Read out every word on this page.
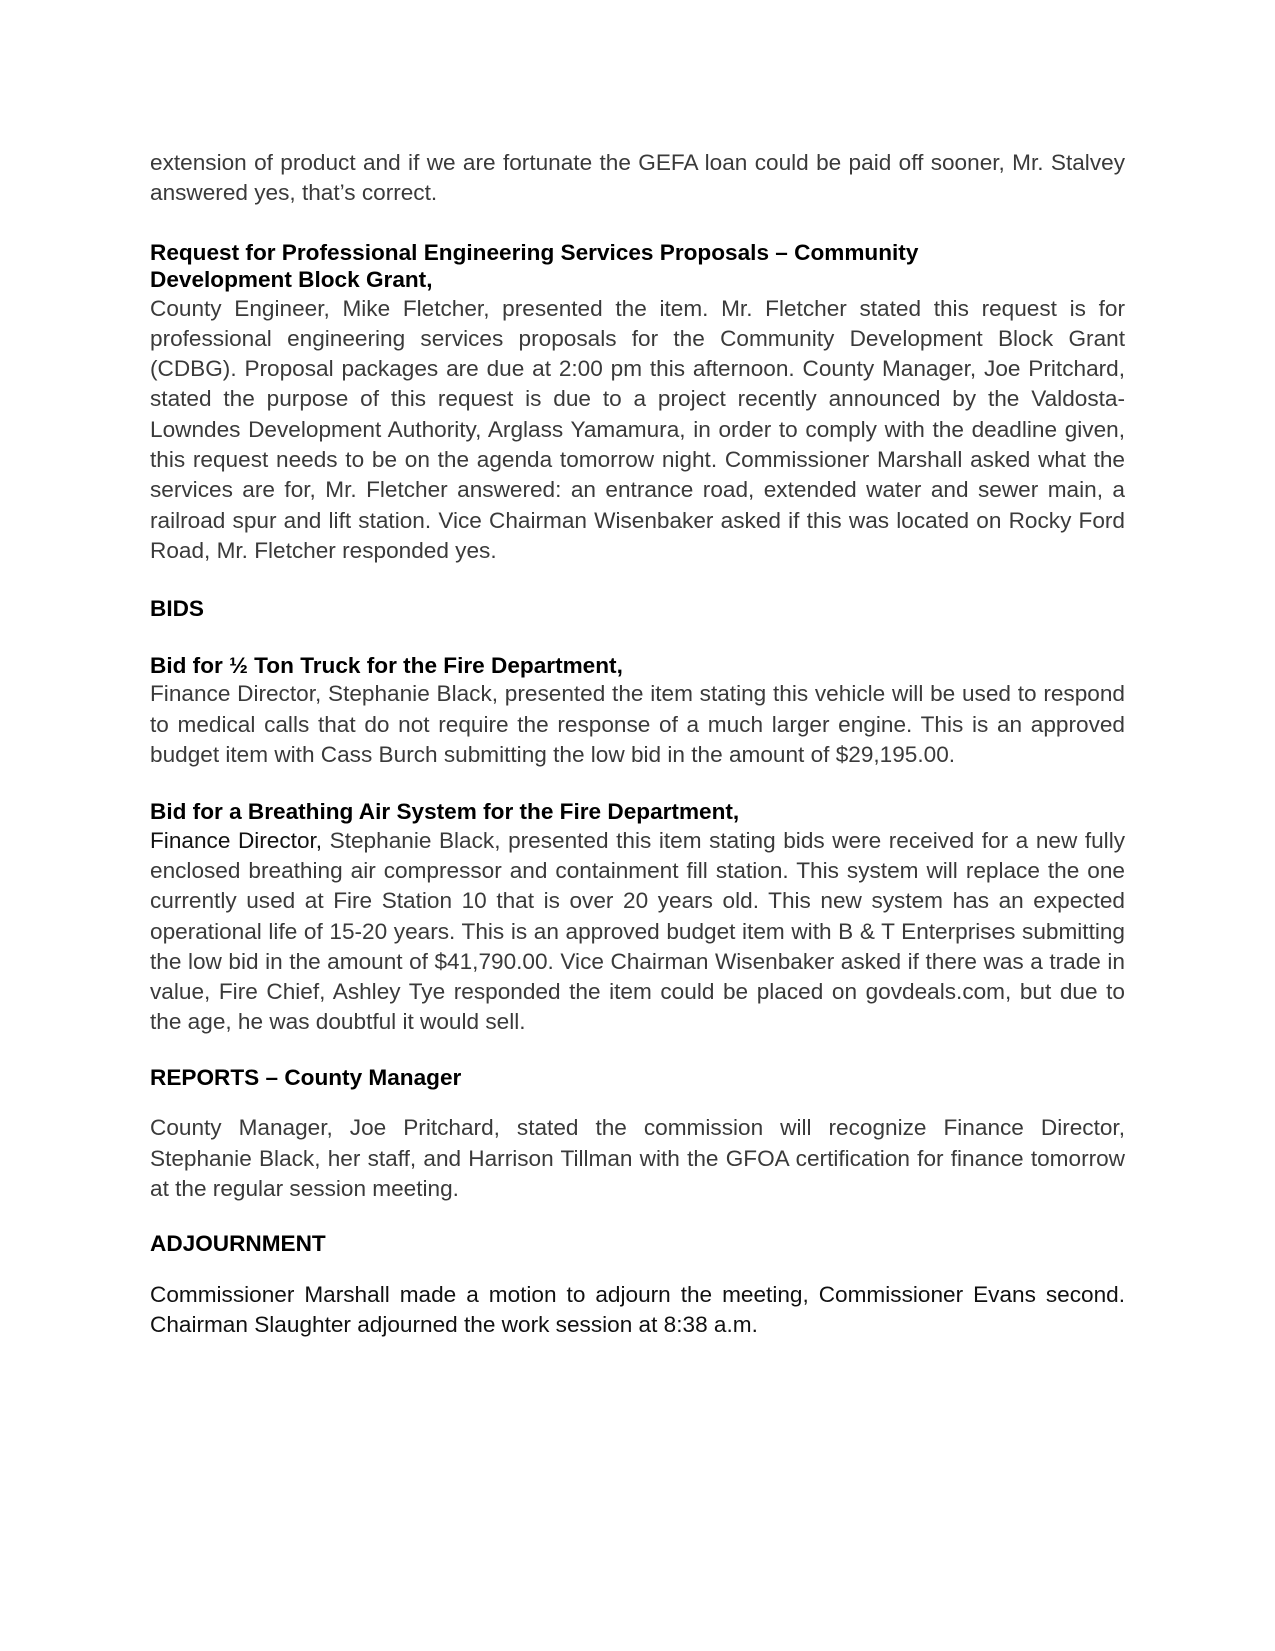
extension of product and if we are fortunate the GEFA loan could be paid off sooner, Mr. Stalvey answered yes, that’s correct.

Request for Professional Engineering Services Proposals – Community Development Block Grant,

County Engineer, Mike Fletcher, presented the item. Mr. Fletcher stated this request is for professional engineering services proposals for the Community Development Block Grant (CDBG). Proposal packages are due at 2:00 pm this afternoon. County Manager, Joe Pritchard, stated the purpose of this request is due to a project recently announced by the Valdosta-Lowndes Development Authority, Arglass Yamamura, in order to comply with the deadline given, this request needs to be on the agenda tomorrow night. Commissioner Marshall asked what the services are for, Mr. Fletcher answered: an entrance road, extended water and sewer main, a railroad spur and lift station. Vice Chairman Wisenbaker asked if this was located on Rocky Ford Road, Mr. Fletcher responded yes.

BIDS

Bid for ½ Ton Truck for the Fire Department,

Finance Director, Stephanie Black, presented the item stating this vehicle will be used to respond to medical calls that do not require the response of a much larger engine. This is an approved budget item with Cass Burch submitting the low bid in the amount of $29,195.00.

Bid for a Breathing Air System for the Fire Department,

Finance Director, Stephanie Black, presented this item stating bids were received for a new fully enclosed breathing air compressor and containment fill station. This system will replace the one currently used at Fire Station 10 that is over 20 years old. This new system has an expected operational life of 15-20 years. This is an approved budget item with B & T Enterprises submitting the low bid in the amount of $41,790.00. Vice Chairman Wisenbaker asked if there was a trade in value, Fire Chief, Ashley Tye responded the item could be placed on govdeals.com, but due to the age, he was doubtful it would sell.

REPORTS – County Manager

County Manager, Joe Pritchard, stated the commission will recognize Finance Director, Stephanie Black, her staff, and Harrison Tillman with the GFOA certification for finance tomorrow at the regular session meeting.

ADJOURNMENT

Commissioner Marshall made a motion to adjourn the meeting, Commissioner Evans second. Chairman Slaughter adjourned the work session at 8:38 a.m.
